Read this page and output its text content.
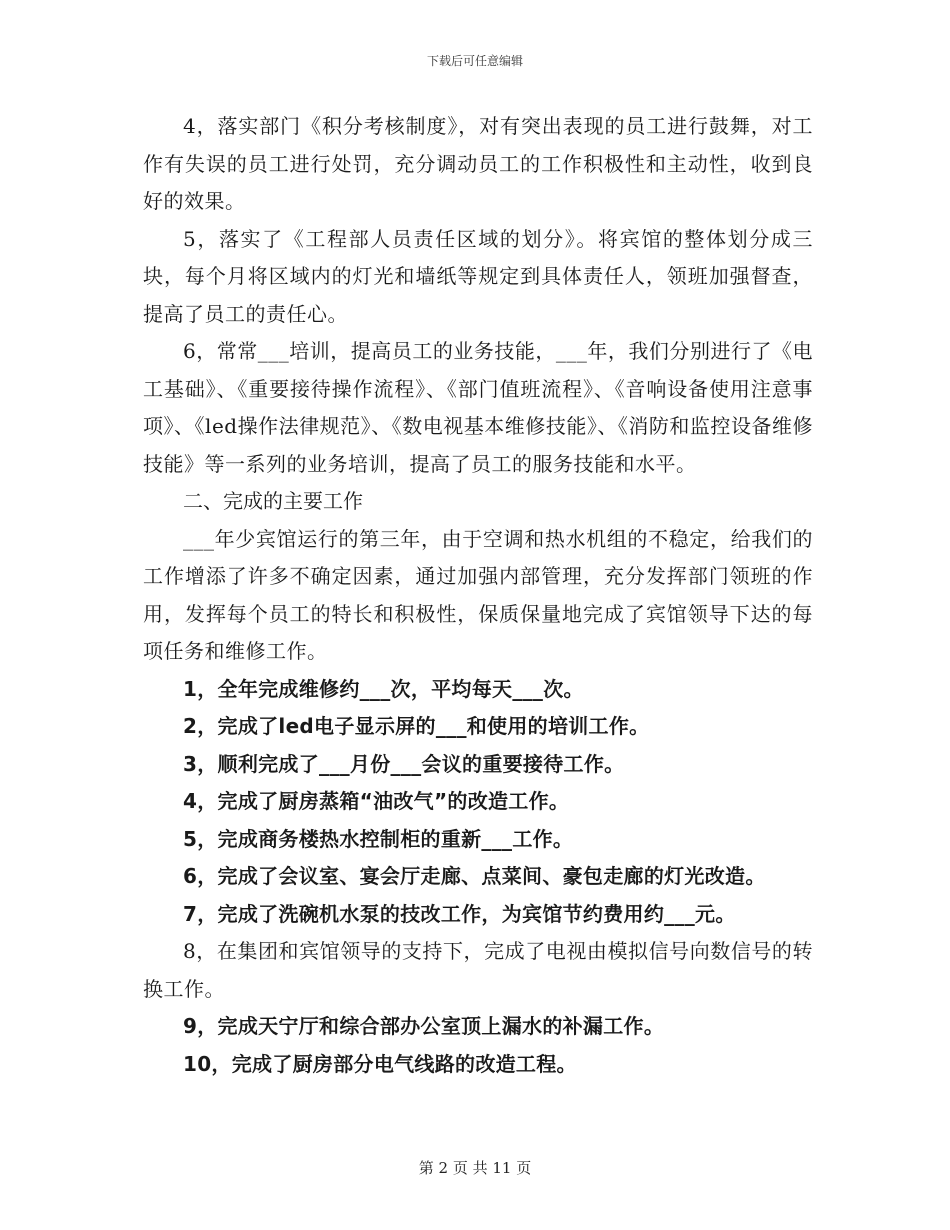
下载后可任意编辑

4，落实部门《积分考核制度》，对有突出表现的员工进行鼓舞，对工作有失误的员工进行处罚，充分调动员工的工作积极性和主动性，收到良好的效果。

5，落实了《工程部人员责任区域的划分》。将宾馆的整体划分成三块，每个月将区域内的灯光和墙纸等规定到具体责任人，领班加强督查，提高了员工的责任心。

6，常常___培训，提高员工的业务技能，___年，我们分别进行了《电工基础》、《重要接待操作流程》、《部门值班流程》、《音响设备使用注意事项》、《led操作法律规范》、《数电视基本维修技能》、《消防和监控设备维修技能》等一系列的业务培训，提高了员工的服务技能和水平。

二、完成的主要工作

___年少宾馆运行的第三年，由于空调和热水机组的不稳定，给我们的工作增添了许多不确定因素，通过加强内部管理，充分发挥部门领班的作用，发挥每个员工的特长和积极性，保质保量地完成了宾馆领导下达的每项任务和维修工作。

1，全年完成维修约___次，平均每天___次。

2，完成了led电子显示屏的___和使用的培训工作。

3，顺利完成了___月份___会议的重要接待工作。

4，完成了厨房蒸箱“油改气”的改造工作。

5，完成商务楼热水控制柜的重新___工作。

6，完成了会议室、宴会厅走廊、点菜间、豪包走廊的灯光改造。

7，完成了洗碗机水泵的技改工作，为宾馆节约费用约___元。

8，在集团和宾馆领导的支持下，完成了电视由模拟信号向数信号的转换工作。

9，完成天宁厅和综合部办公室顶上漏水的补漏工作。

10，完成了厨房部分电气线路的改造工程。

第 2 页 共 11 页
